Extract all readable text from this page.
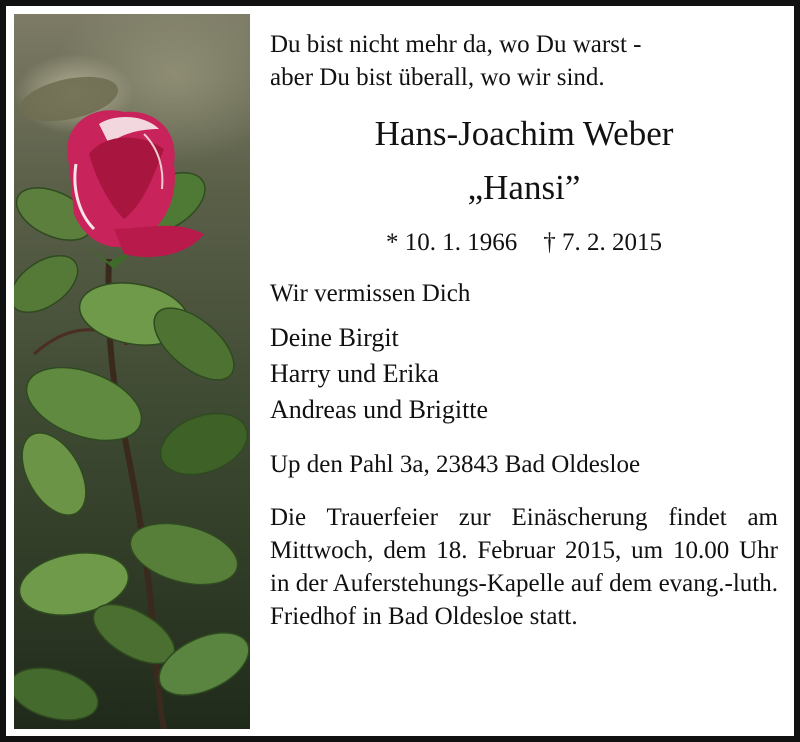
Du bist nicht mehr da, wo Du warst -

aber Du bist überall, wo wir sind.

Hans-Joachim Weber

„Hansi”

* 10. 1. 1966 † 7. 2. 2015

Wir vermissen Dich

Deine Birgit
Harry und Erika
Andreas und Brigitte

Up den Pahl 3a, 23843 Bad Oldesloe

Die Trauerfeier zur Einäscherung findet am Mittwoch, dem 18. Februar 2015, um 10.00 Uhr in der Auferstehungs-Kapelle auf dem evang.-luth. Friedhof in Bad Oldesloe statt.
